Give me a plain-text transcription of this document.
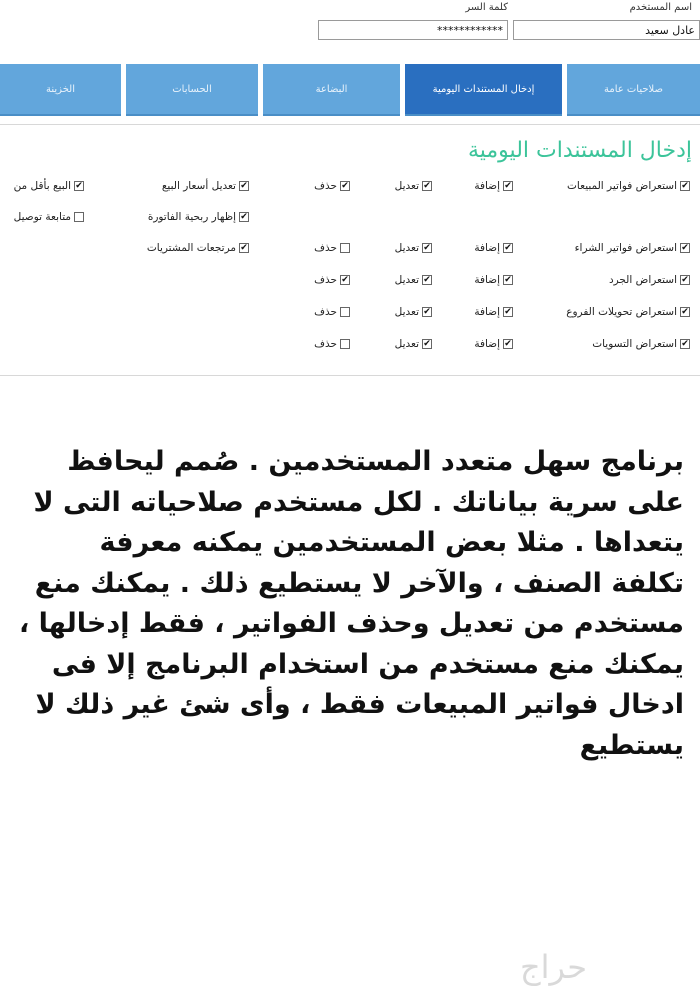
اسم المستخدم
عادل سعيد
كلمة السر
************
صلاحيات عامة
إدخال المستندات اليومية
البضاعة
الحسابات
الخزينة
إدخال المستندات اليومية
✔
استعراض فواتير المبيعات
✔
إضافة
✔
تعديل
✔
حذف
✔
تعديل أسعار البيع
✔
البيع بأقل من
✔
إظهار ربحية الفاتورة
متابعة توصيل
✔
استعراض فواتير الشراء
✔
إضافة
✔
تعديل
حذف
✔
مرتجعات المشتريات
✔
استعراض الجرد
✔
إضافة
✔
تعديل
✔
حذف
✔
استعراض تحويلات الفروع
✔
إضافة
✔
تعديل
حذف
✔
استعراض التسويات
✔
إضافة
✔
تعديل
حذف

برنامج سهل متعدد المستخدمين . صُمم ليحافظ على سرية بياناتك . لكل مستخدم صلاحياته التى لا يتعداها . مثلا بعض المستخدمين يمكنه معرفة تكلفة الصنف ، والآخر لا يستطيع ذلك . يمكنك منع مستخدم من تعديل وحذف الفواتير ، فقط إدخالها ، يمكنك منع مستخدم من استخدام البرنامج إلا فى ادخال فواتير المبيعات فقط ، وأى شئ غير ذلك لا يستطيع

حراج
